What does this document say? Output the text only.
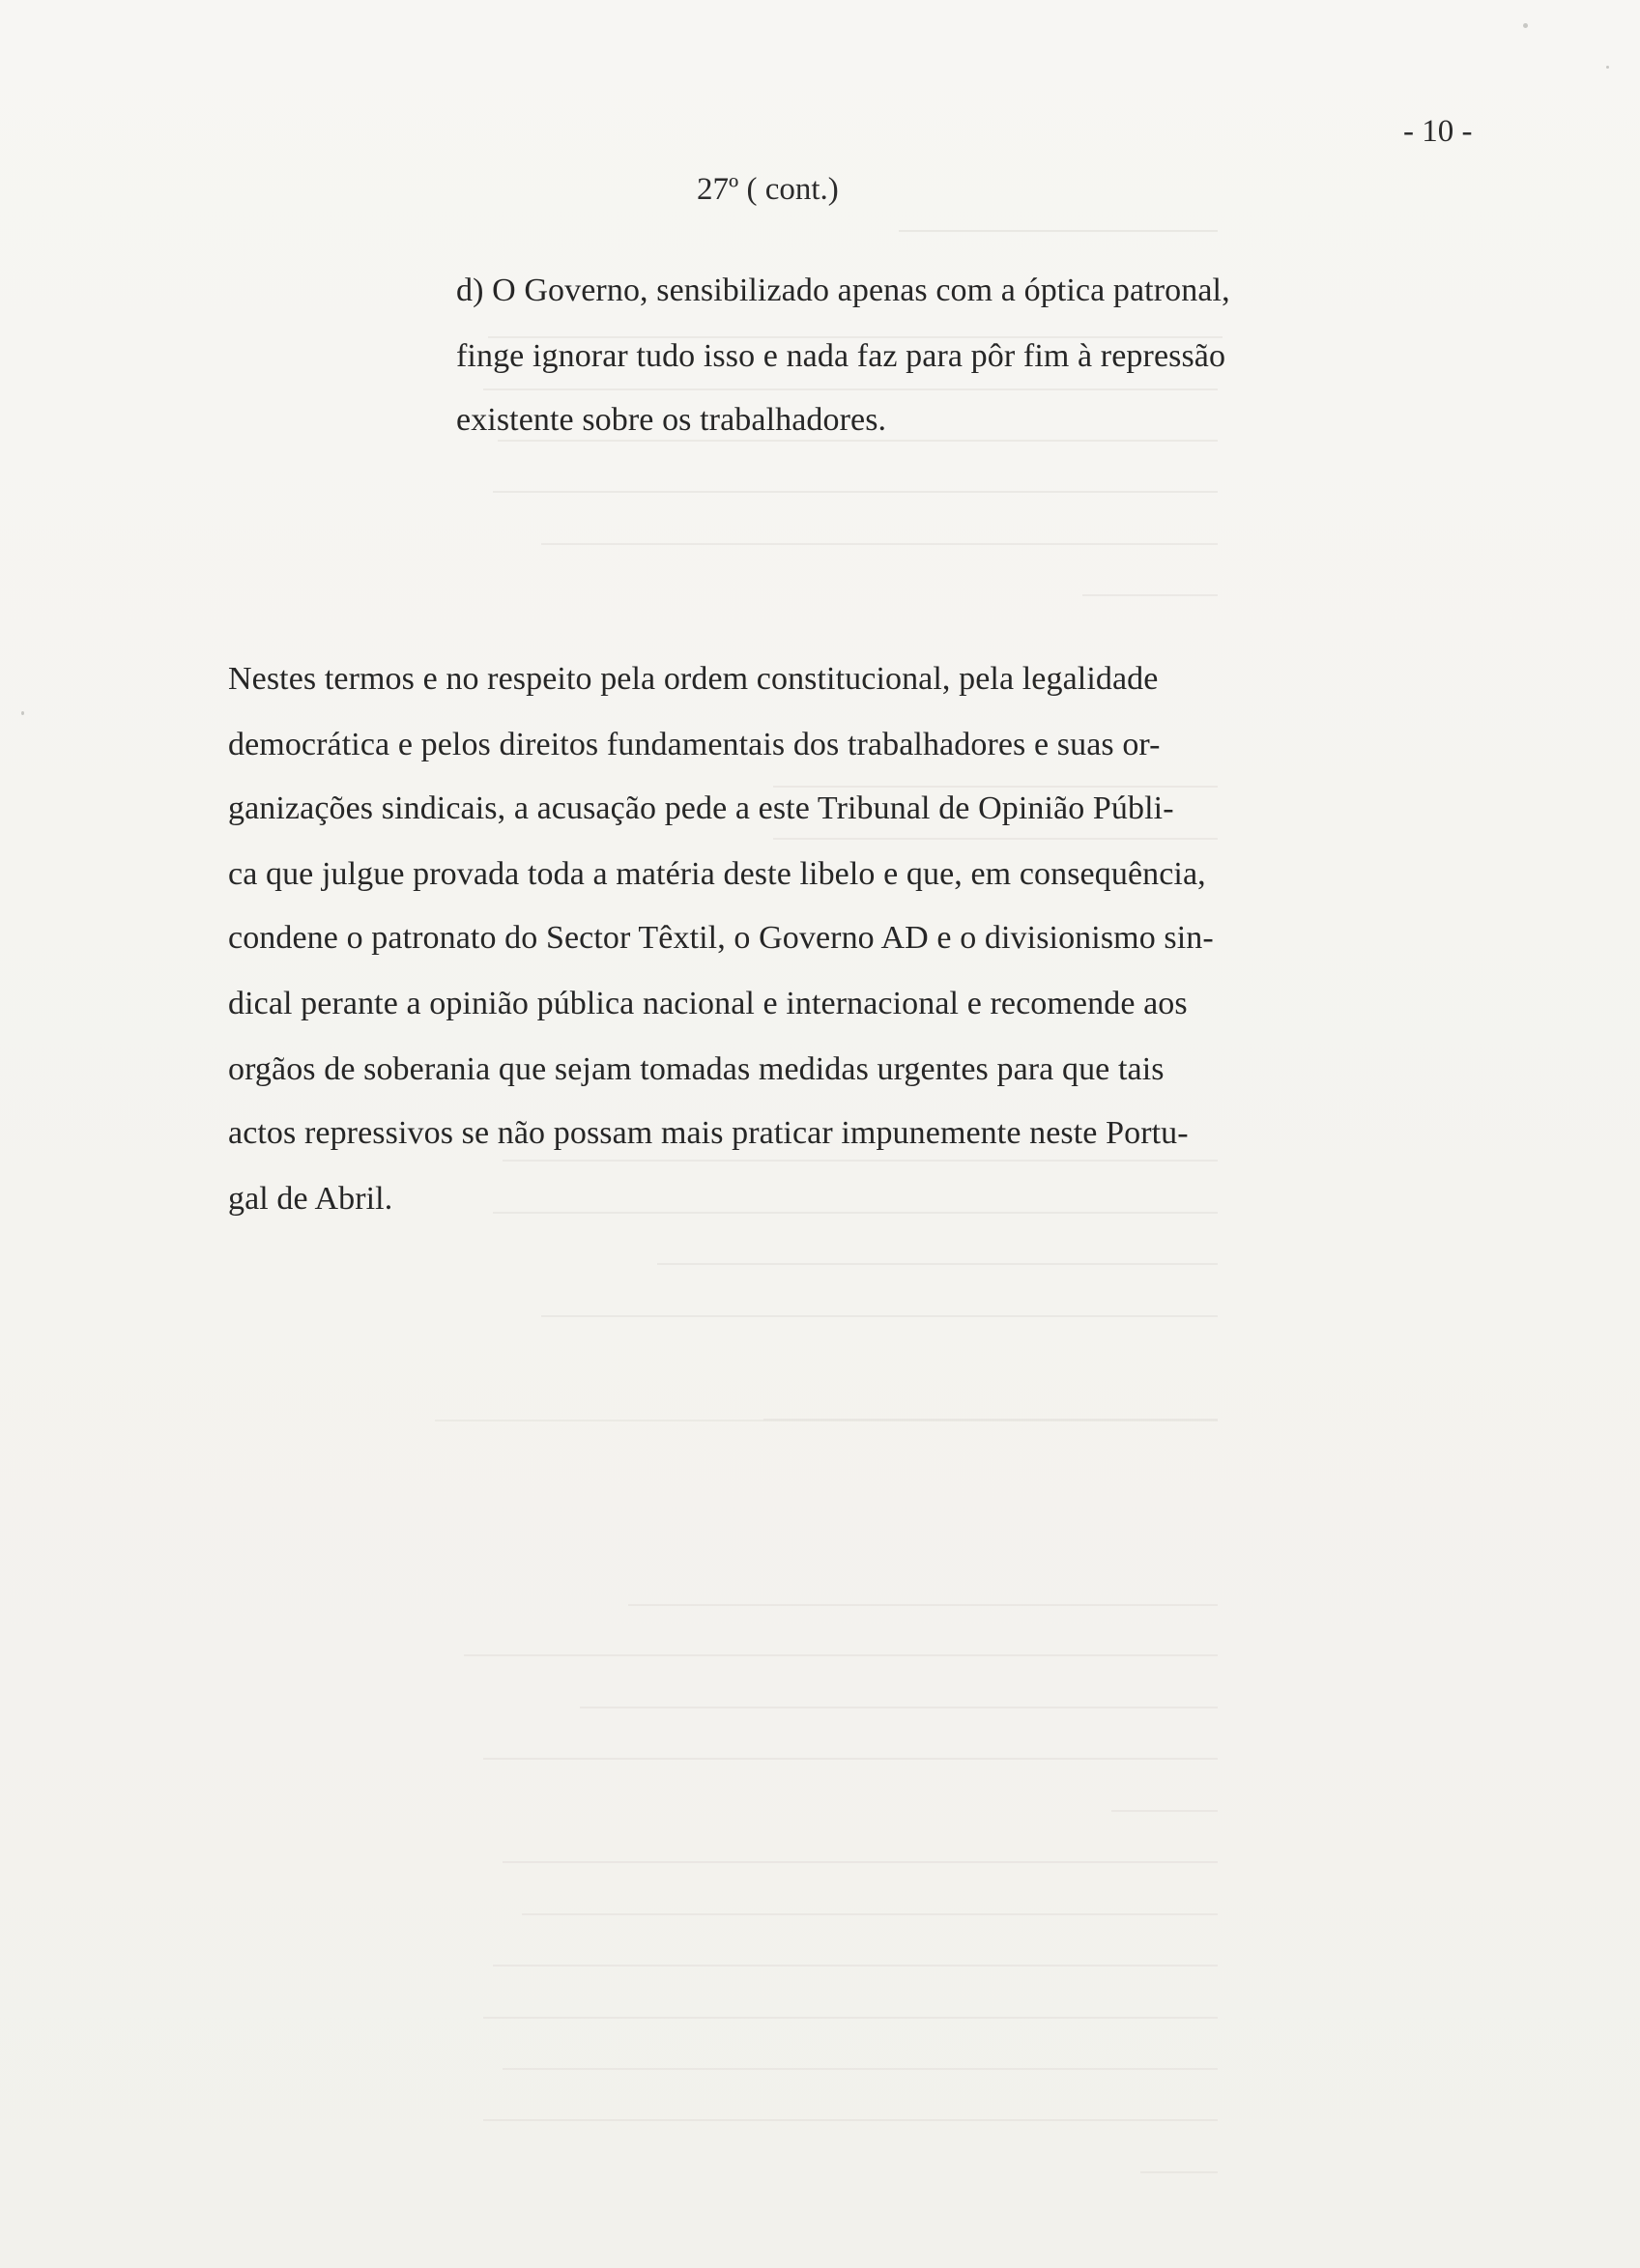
- 10 -
27º ( cont.)
d) O Governo, sensibilizado apenas com a óptica patronal,
finge ignorar tudo isso e nada faz para pôr fim à repressão
existente sobre os trabalhadores.
Nestes termos e no respeito pela ordem constitucional, pela legalidade
democrática e pelos direitos fundamentais dos trabalhadores e suas or-
ganizações sindicais, a acusação pede a este Tribunal de Opinião Públi-
ca que julgue provada toda a matéria deste libelo e que, em consequência,
condene o patronato do Sector Têxtil, o Governo AD e o divisionismo sin-
dical perante a opinião pública nacional e internacional e recomende aos
orgãos de soberania que sejam tomadas medidas urgentes para que tais
actos repressivos se não possam mais praticar impunemente neste Portu-
gal de Abril.
